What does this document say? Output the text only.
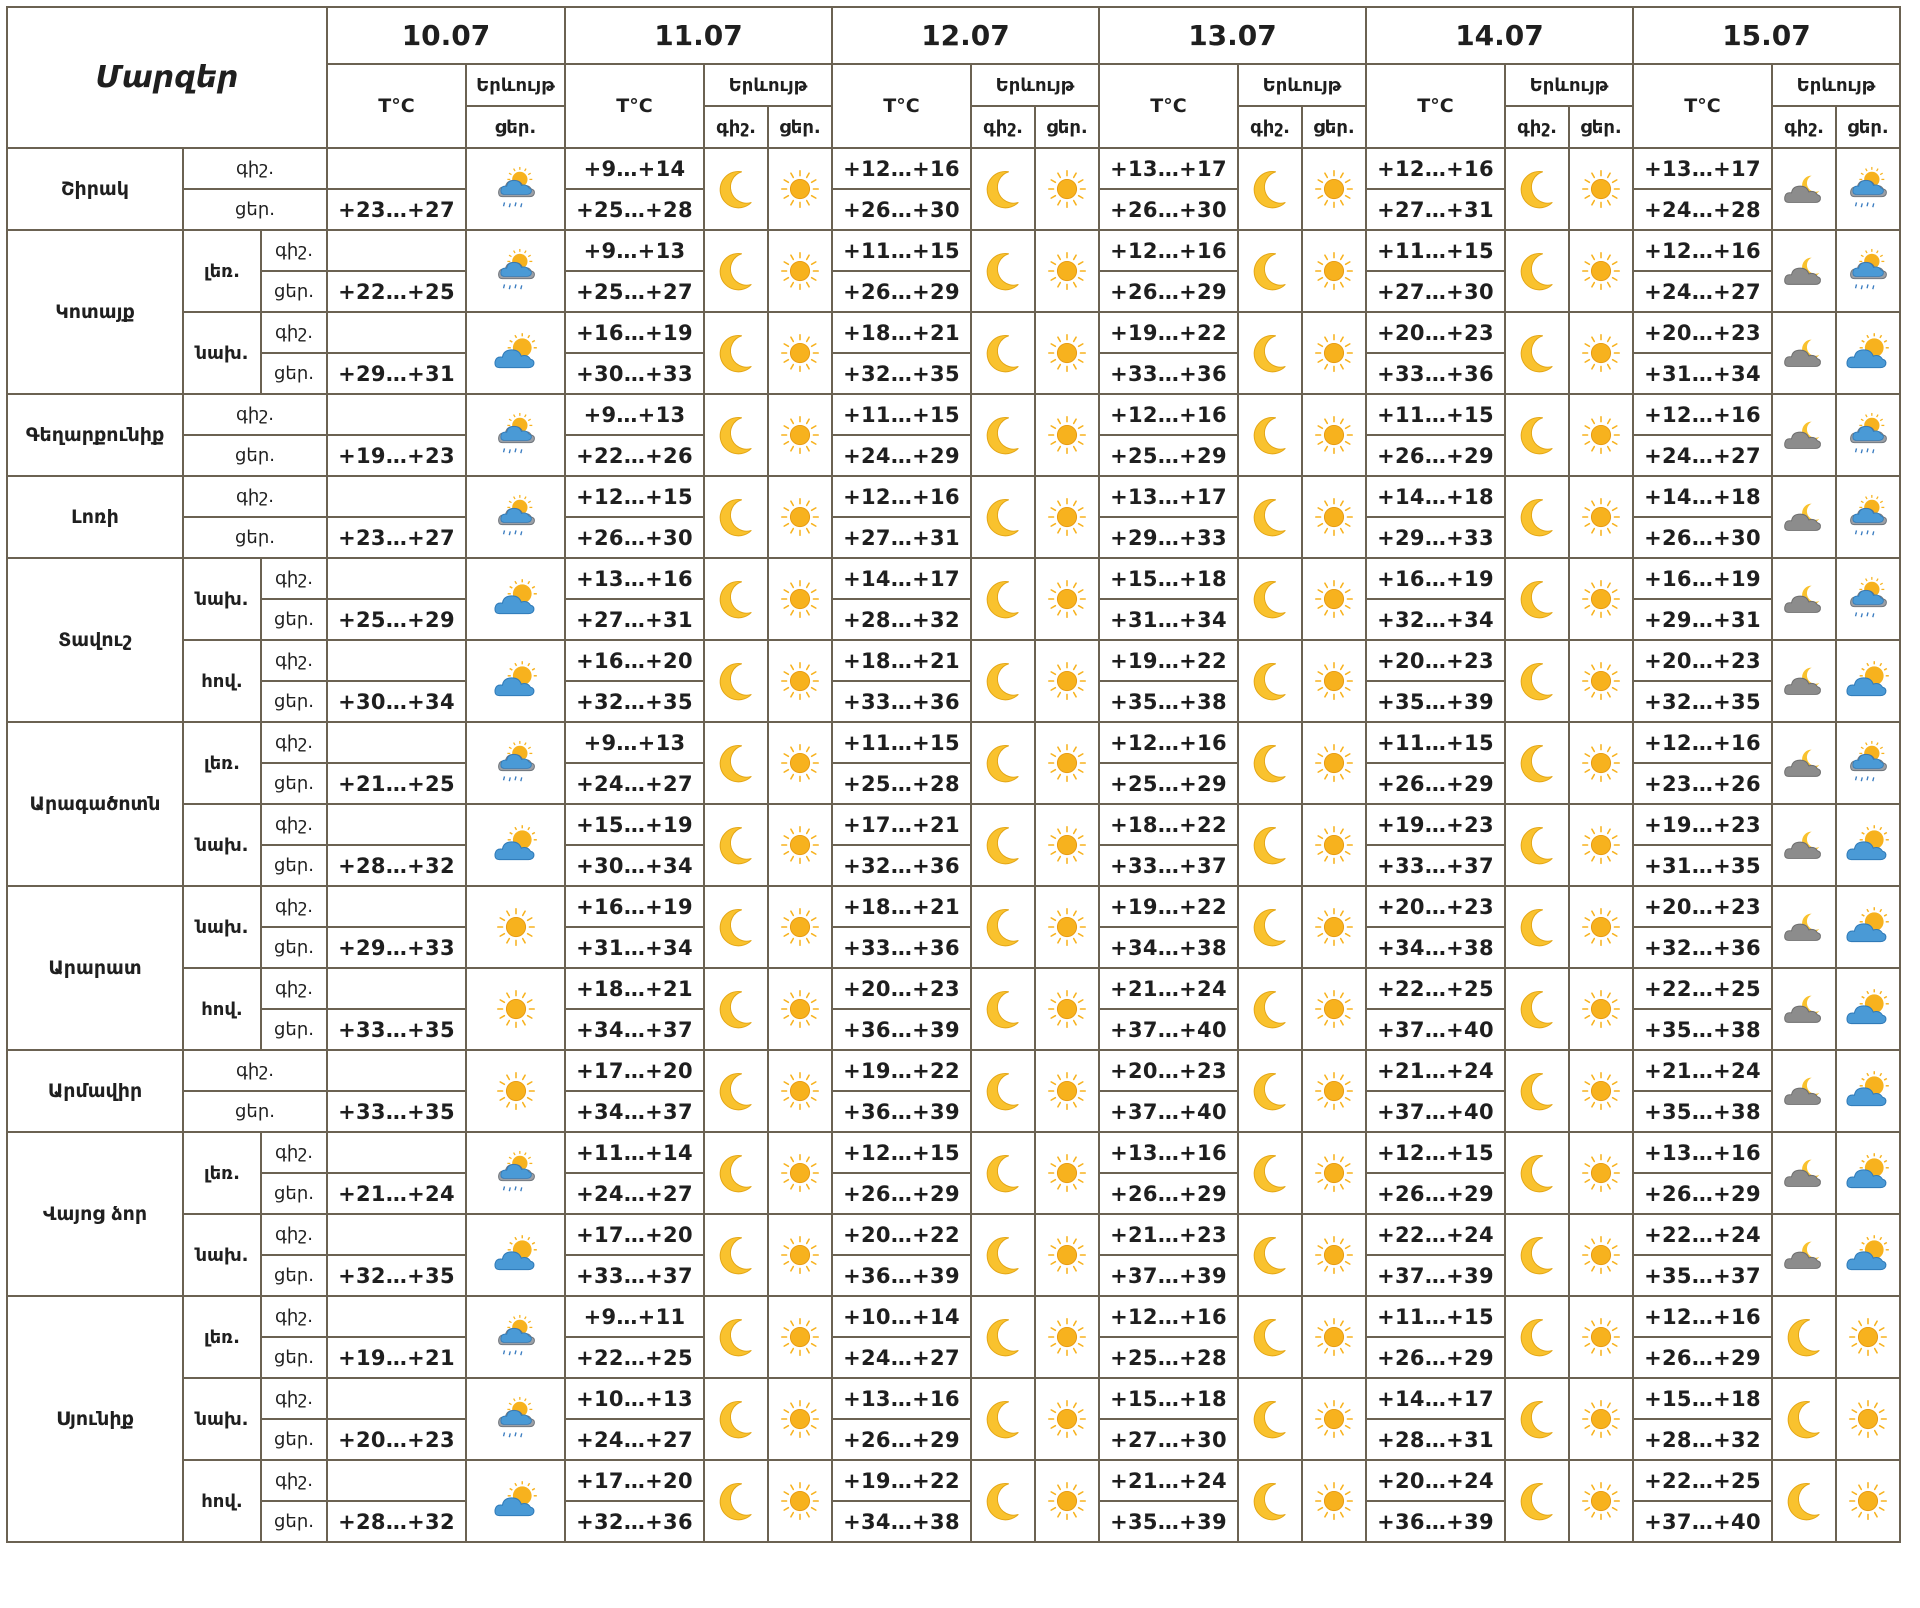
Մարզեր			10.07		11.07			12.07			13.07			14.07			15.07		
			T°C	Երևույթ	T°C	Երևույթ		T°C	Երևույթ		T°C	Երևույթ		T°C	Երևույթ		T°C	Երևույթ	
				ցեր.		գիշ.	ցեր.		գիշ.	ցեր.		գիշ.	ցեր.		գիշ.	ցեր.		գիշ.	ցեր.
Շիրակ	գիշ.				+9…+14			+12…+16			+13…+17			+12…+16			+13…+17	

	ցեր.		+23…+27		+25…+28			+26…+30			+26…+30			+27…+31			+24…+28		
Կոտայք	լեռ.	գիշ.			+9…+13			+11…+15			+12…+16			+11…+15			+12…+16	

		ցեր.	+22…+25		+25…+27			+26…+29			+26…+29			+27…+30			+24…+27		
	նախ.	գիշ.			+16…+19			+18…+21			+19…+22			+20…+23			+20…+23	

		ցեր.	+29…+31		+30…+33			+32…+35			+33…+36			+33…+36			+31…+34		
Գեղարքունիք	գիշ.				+9…+13			+11…+15			+12…+16			+11…+15			+12…+16	

	ցեր.		+19…+23		+22…+26			+24…+29			+25…+29			+26…+29			+24…+27		
Լոռի	գիշ.				+12…+15			+12…+16			+13…+17			+14…+18			+14…+18	

	ցեր.		+23…+27		+26…+30			+27…+31			+29…+33			+29…+33			+26…+30		
Տավուշ	նախ.	գիշ.			+13…+16			+14…+17			+15…+18			+16…+19			+16…+19	

		ցեր.	+25…+29		+27…+31			+28…+32			+31…+34			+32…+34			+29…+31		
	հով.	գիշ.			+16…+20			+18…+21			+19…+22			+20…+23			+20…+23	

		ցեր.	+30…+34		+32…+35			+33…+36			+35…+38			+35…+39			+32…+35		
Արագածոտն	լեռ.	գիշ.			+9…+13			+11…+15			+12…+16			+11…+15			+12…+16	

		ցեր.	+21…+25		+24…+27			+25…+28			+25…+29			+26…+29			+23…+26		
	նախ.	գիշ.			+15…+19			+17…+21			+18…+22			+19…+23			+19…+23	

		ցեր.	+28…+32		+30…+34			+32…+36			+33…+37			+33…+37			+31…+35		
Արարատ	նախ.	գիշ.			+16…+19			+18…+21			+19…+22			+20…+23			+20…+23	

		ցեր.	+29…+33		+31…+34			+33…+36			+34…+38			+34…+38			+32…+36		
	հով.	գիշ.			+18…+21			+20…+23			+21…+24			+22…+25			+22…+25	

		ցեր.	+33…+35		+34…+37			+36…+39			+37…+40			+37…+40			+35…+38		
Արմավիր	գիշ.				+17…+20			+19…+22			+20…+23			+21…+24			+21…+24	

	ցեր.		+33…+35		+34…+37			+36…+39			+37…+40			+37…+40			+35…+38		
Վայոց ձոր	լեռ.	գիշ.			+11…+14			+12…+15			+13…+16			+12…+15			+13…+16	

		ցեր.	+21…+24		+24…+27			+26…+29			+26…+29			+26…+29			+26…+29		
	նախ.	գիշ.			+17…+20			+20…+22			+21…+23			+22…+24			+22…+24	

		ցեր.	+32…+35		+33…+37			+36…+39			+37…+39			+37…+39			+35…+37		
Սյունիք	լեռ.	գիշ.			+9…+11			+10…+14			+12…+16			+11…+15			+12…+16	

		ցեր.	+19…+21		+22…+25			+24…+27			+25…+28			+26…+29			+26…+29		
	նախ.	գիշ.			+10…+13			+13…+16			+15…+18			+14…+17			+15…+18	

		ցեր.	+20…+23		+24…+27			+26…+29			+27…+30			+28…+31			+28…+32		
	հով.	գիշ.			+17…+20			+19…+22			+21…+24			+20…+24			+22…+25	

		ցեր.	+28…+32		+32…+36			+34…+38			+35…+39			+36…+39			+37…+40		
